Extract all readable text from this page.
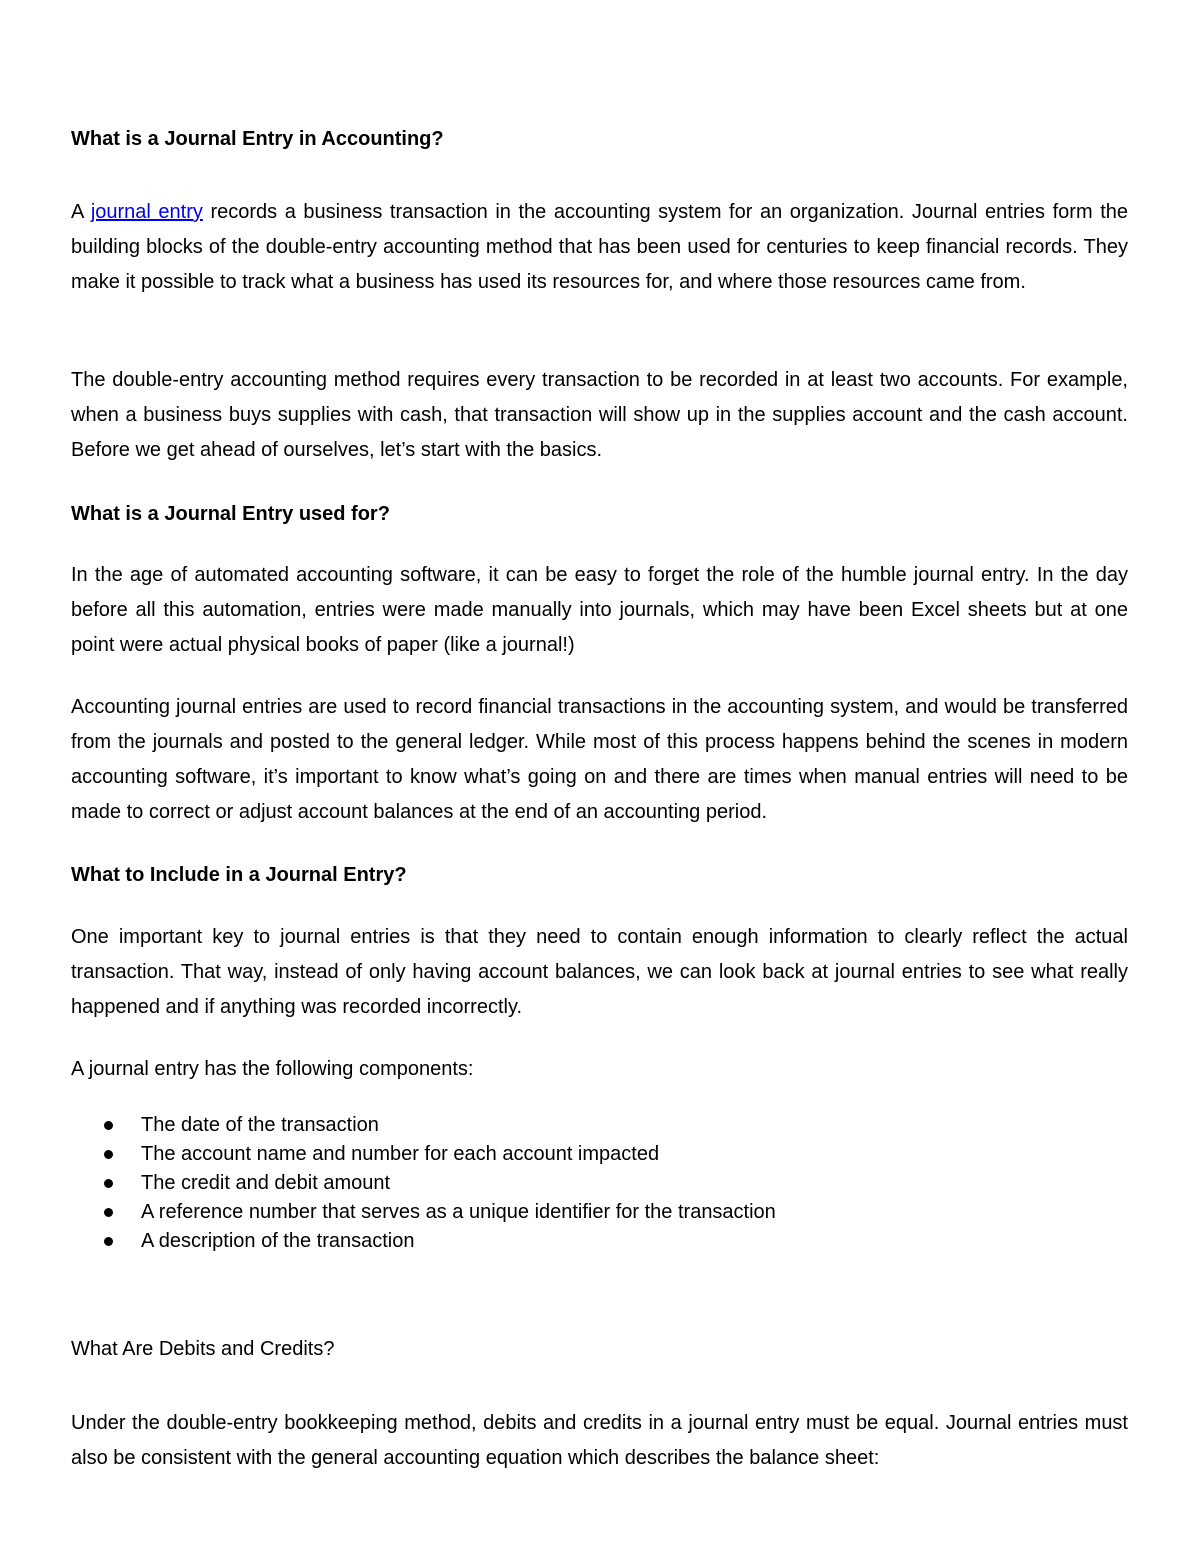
What is a Journal Entry in Accounting?

A journal entry records a business transaction in the accounting system for an organization. Journal entries form the building blocks of the double-entry accounting method that has been used for centuries to keep financial records. They make it possible to track what a business has used its resources for, and where those resources came from.

The double-entry accounting method requires every transaction to be recorded in at least two accounts. For example, when a business buys supplies with cash, that transaction will show up in the supplies account and the cash account. Before we get ahead of ourselves, let’s start with the basics.

What is a Journal Entry used for?

In the age of automated accounting software, it can be easy to forget the role of the humble journal entry. In the day before all this automation, entries were made manually into journals, which may have been Excel sheets but at one point were actual physical books of paper (like a journal!)

Accounting journal entries are used to record financial transactions in the accounting system, and would be transferred from the journals and posted to the general ledger. While most of this process happens behind the scenes in modern accounting software, it’s important to know what’s going on and there are times when manual entries will need to be made to correct or adjust account balances at the end of an accounting period.

What to Include in a Journal Entry?

One important key to journal entries is that they need to contain enough information to clearly reflect the actual transaction. That way, instead of only having account balances, we can look back at journal entries to see what really happened and if anything was recorded incorrectly.

A journal entry has the following components:

The date of the transaction
The account name and number for each account impacted
The credit and debit amount
A reference number that serves as a unique identifier for the transaction
A description of the transaction
What Are Debits and Credits?

Under the double-entry bookkeeping method, debits and credits in a journal entry must be equal. Journal entries must also be consistent with the general accounting equation which describes the balance sheet:
